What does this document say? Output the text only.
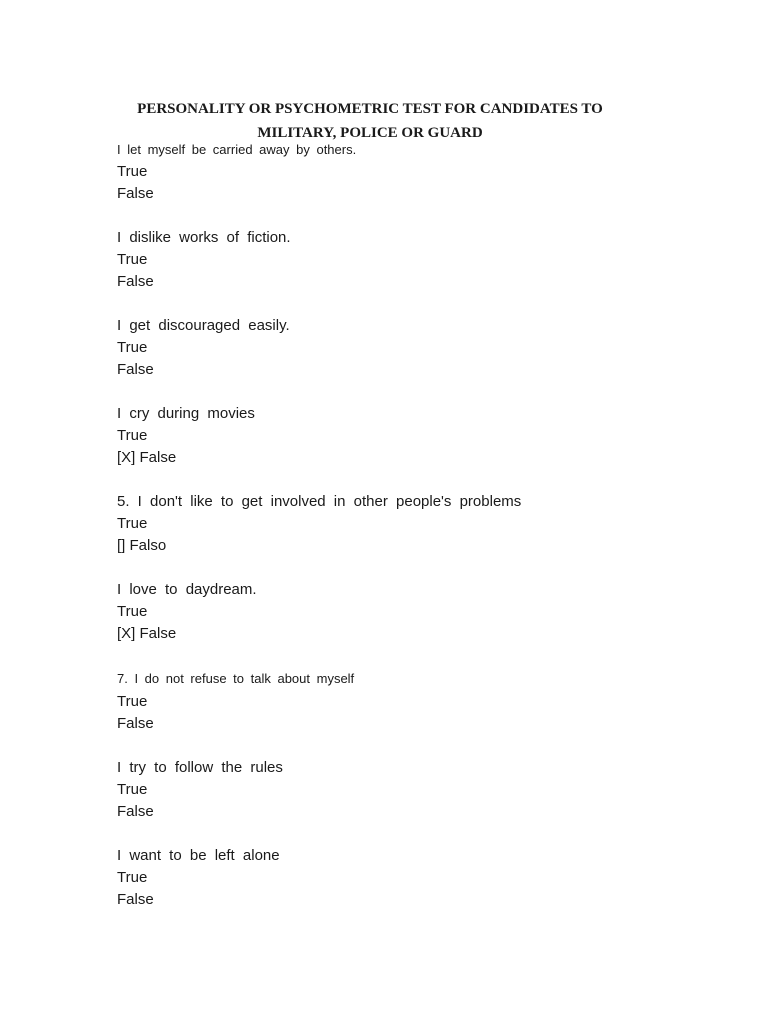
PERSONALITY OR PSYCHOMETRIC TEST FOR CANDIDATES TO
MILITARY, POLICE OR GUARD
I let myself be carried away by others.
True
False
I dislike works of fiction.
True
False
I get discouraged easily.
True
False
I cry during movies
True
[X] False
5. I don't like to get involved in other people's problems
True
[] Falso
I love to daydream.
True
[X] False
7. I do not refuse to talk about myself
True
False
I try to follow the rules
True
False
I want to be left alone
True
False
